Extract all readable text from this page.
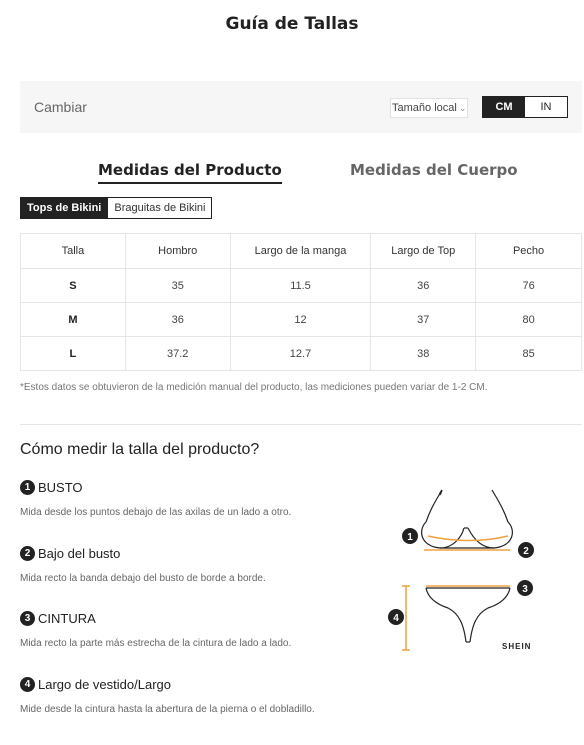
Guía de Tallas
Cambiar	Tamaño local ⌄	CM	IN
Medidas del Producto	Medidas del Cuerpo
Tops de Bikini	Braguitas de Bikini
Talla	Hombro	Largo de la manga	Largo de Top	Pecho
S	35	11.5	36	76
M	36	12	37	80
L	37.2	12.7	38	85
*Estos datos se obtuvieron de la medición manual del producto, las mediciones pueden variar de 1-2 CM.
Cómo medir la talla del producto?
1 BUSTO
Mida desde los puntos debajo de las axilas de un lado a otro.
2 Bajo del busto
Mida recto la banda debajo del busto de borde a borde.
3 CINTURA
Mida recto la parte más estrecha de la cintura de lado a lado.
4 Largo de vestido/Largo
Mide desde la cintura hasta la abertura de la pierna o el dobladillo.
1
2
3
4
SHEIN
